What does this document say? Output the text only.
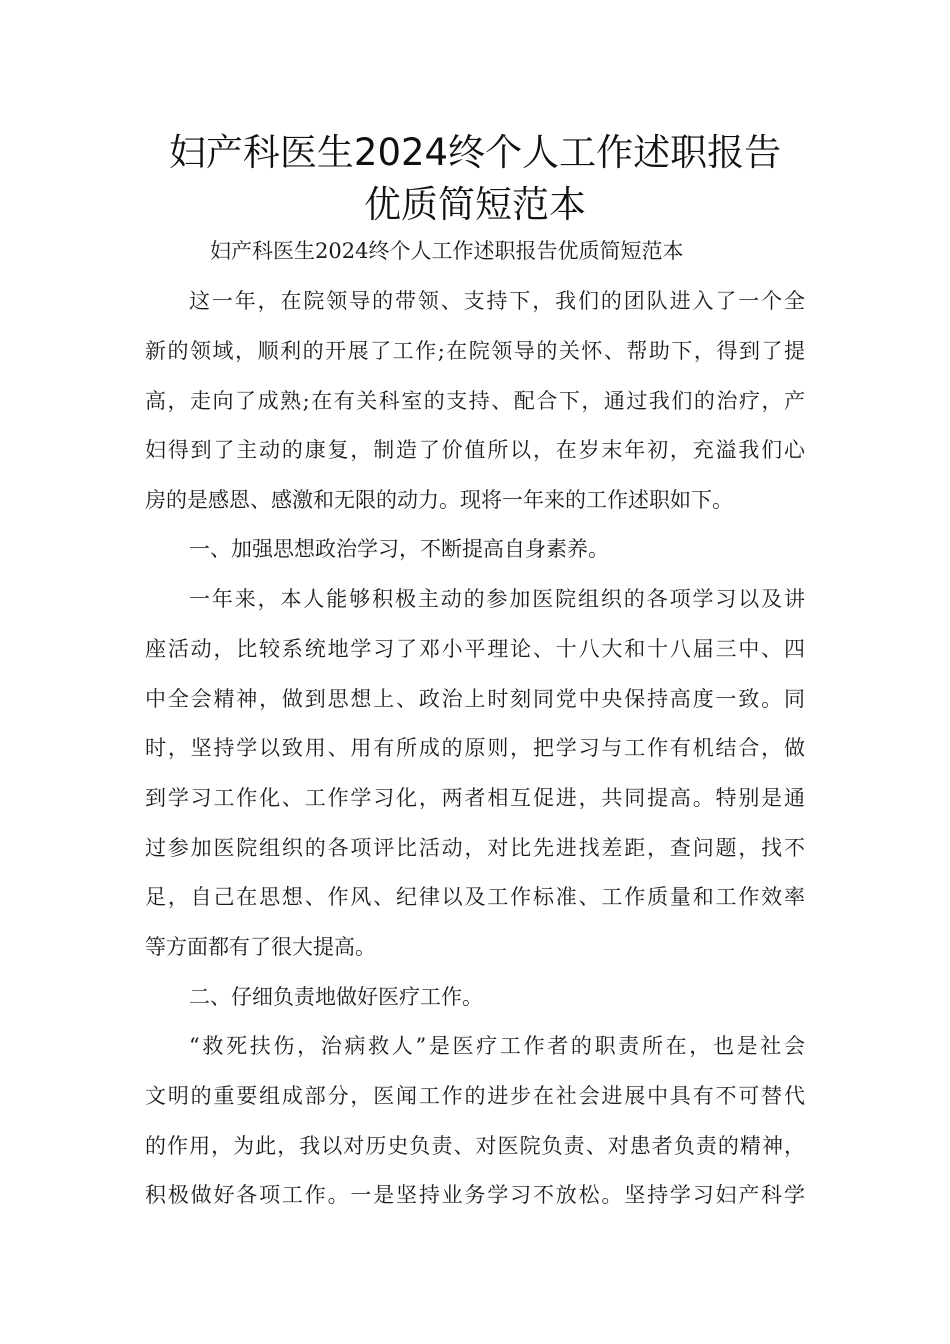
妇产科医生2024终个人工作述职报告
优质简短范本
妇产科医生2024终个人工作述职报告优质简短范本
这一年，在院领导的带领、支持下，我们的团队进入了一个全
新的领域，顺利的开展了工作;在院领导的关怀、帮助下，得到了提
高，走向了成熟;在有关科室的支持、配合下，通过我们的治疗，产
妇得到了主动的康复，制造了价值所以，在岁末年初，充溢我们心
房的是感恩、感激和无限的动力。现将一年来的工作述职如下。
一、加强思想政治学习，不断提高自身素养。
一年来，本人能够积极主动的参加医院组织的各项学习以及讲
座活动，比较系统地学习了邓小平理论、十八大和十八届三中、四
中全会精神，做到思想上、政治上时刻同党中央保持高度一致。同
时，坚持学以致用、用有所成的原则，把学习与工作有机结合，做
到学习工作化、工作学习化，两者相互促进，共同提高。特别是通
过参加医院组织的各项评比活动，对比先进找差距，查问题，找不
足，自己在思想、作风、纪律以及工作标准、工作质量和工作效率
等方面都有了很大提高。
二、仔细负责地做好医疗工作。
“救死扶伤，治病救人”是医疗工作者的职责所在，也是社会
文明的重要组成部分，医闻工作的进步在社会进展中具有不可替代
的作用，为此，我以对历史负责、对医院负责、对患者负责的精神，
积极做好各项工作。一是坚持业务学习不放松。坚持学习妇产科学
